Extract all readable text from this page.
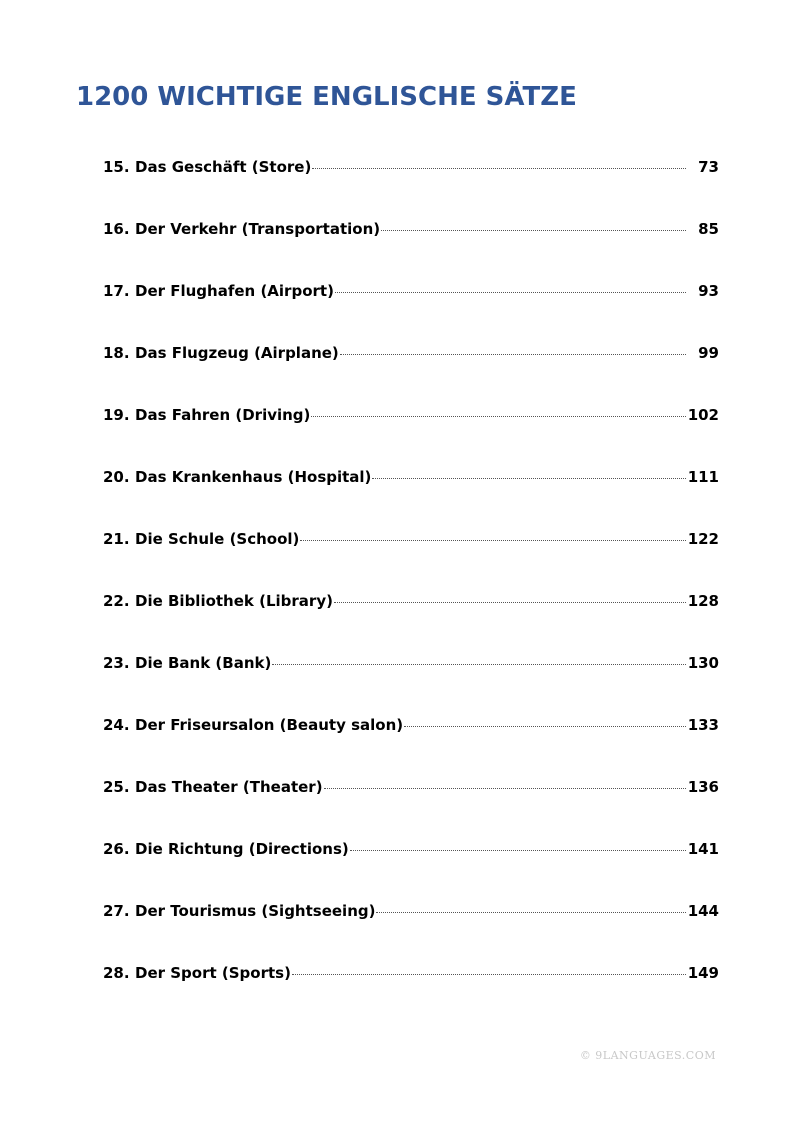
1200 WICHTIGE ENGLISCHE SÄTZE
15. Das Geschäft (Store)	73
16. Der Verkehr (Transportation)	85
17. Der Flughafen (Airport)	93
18. Das Flugzeug (Airplane)	99
19. Das Fahren (Driving)	102
20. Das Krankenhaus (Hospital)	111
21. Die Schule (School)	122
22. Die Bibliothek (Library)	128
23. Die Bank (Bank)	130
24. Der Friseursalon (Beauty salon)	133
25. Das Theater (Theater)	136
26. Die Richtung (Directions)	141
27. Der Tourismus (Sightseeing)	144
28. Der Sport (Sports)	149
© 9LANGUAGES.COM
